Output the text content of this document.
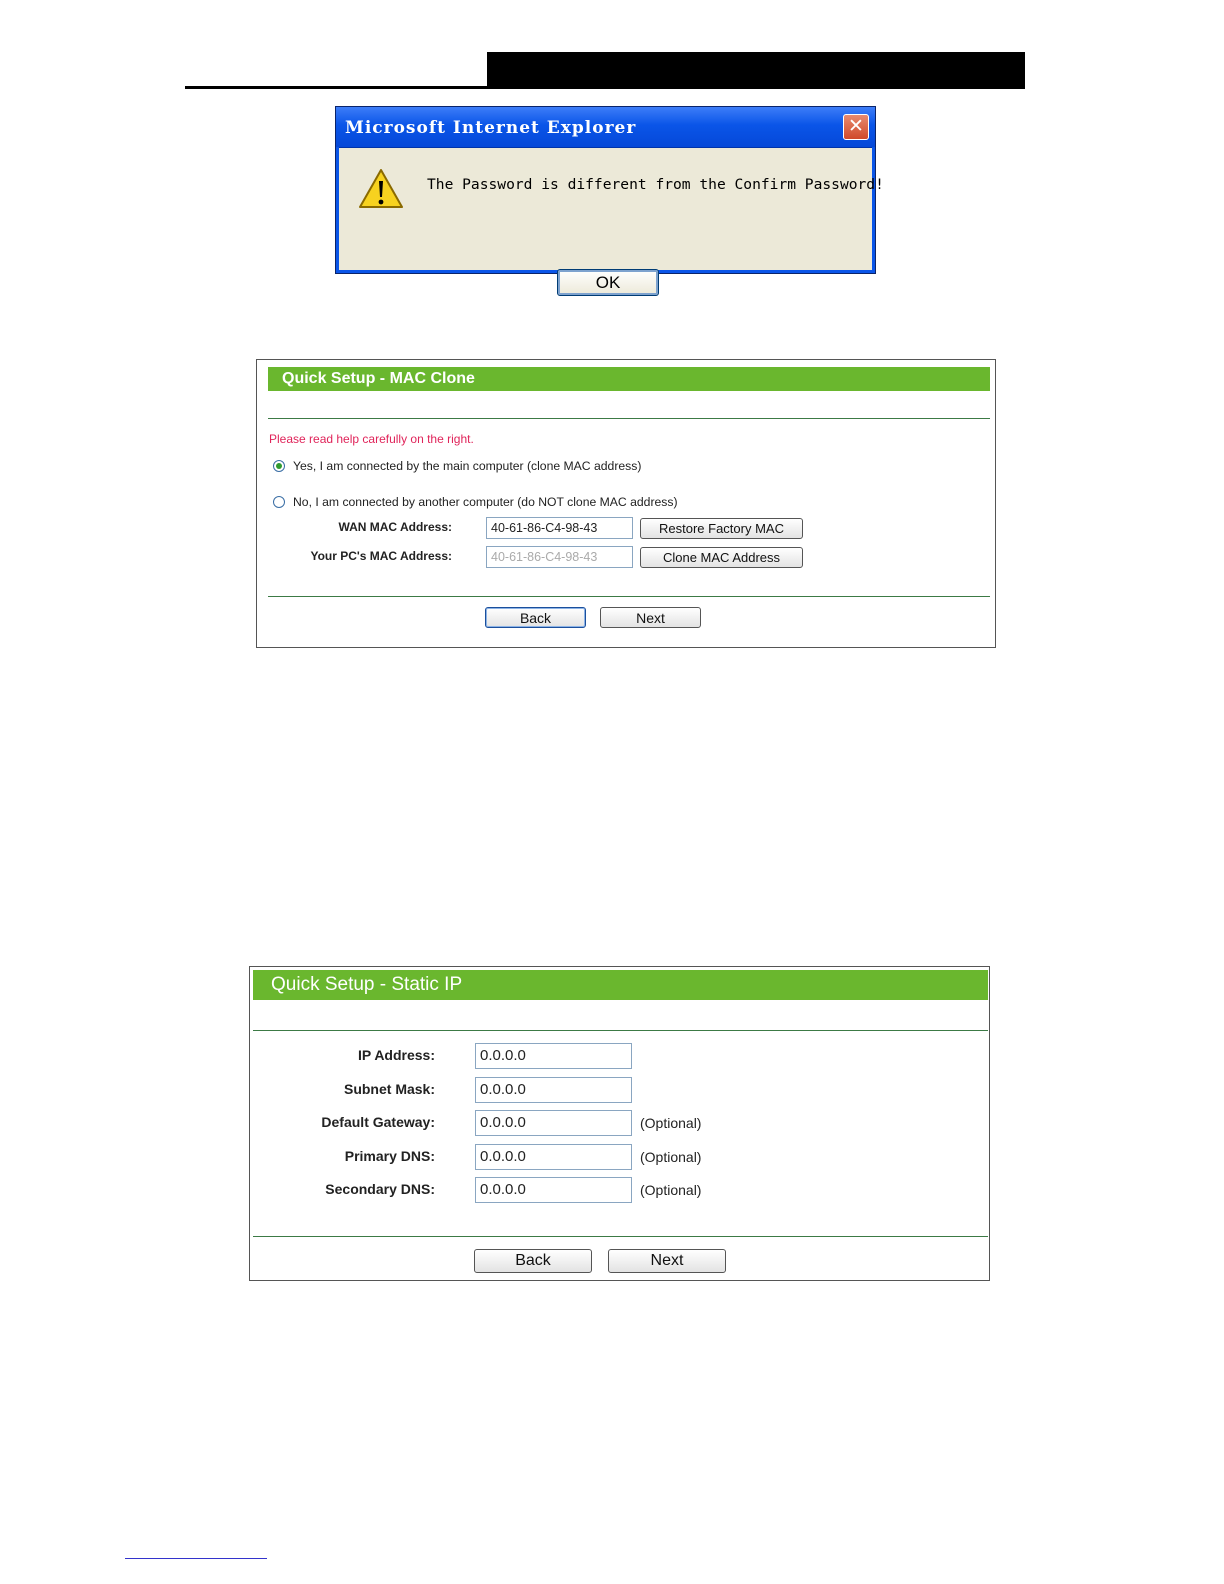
Microsoft Internet Explorer	✕
The Password is different from the Confirm Password!
OK
Quick Setup - MAC Clone
Please read help carefully on the right.
Yes, I am connected by the main computer (clone MAC address)
No, I am connected by another computer (do NOT clone MAC address)
WAN MAC Address:	40-61-86-C4-98-43	Restore Factory MAC
Your PC's MAC Address:	40-61-86-C4-98-43	Clone MAC Address
Back	Next
Quick Setup - Static IP
IP Address:	0.0.0.0
Subnet Mask:	0.0.0.0
Default Gateway:	0.0.0.0	(Optional)
Primary DNS:	0.0.0.0	(Optional)
Secondary DNS:	0.0.0.0	(Optional)
Back	Next
